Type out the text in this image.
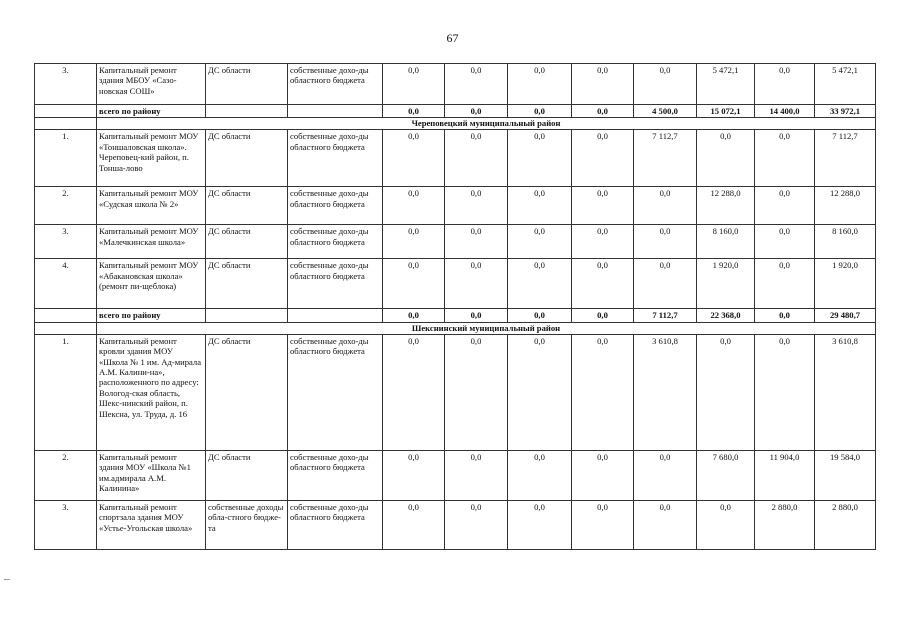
67
3.	Капитальный ремонт здания МБОУ «Сазо-новская СОШ»	ДС области	собственные дохо-ды областного бюджета	0,0	0,0	0,0	0,0	0,0	5 472,1	0,0	5 472,1
	всего по району			0,0	0,0	0,0	0,0	4 500,0	15 072,1	14 400,0	33 972,1
	Череповецкий муниципальный район										
1.	Капитальный ремонт МОУ «Тоншаловская школа». Череповец-кий район, п. Тонша-лово	ДС области	собственные дохо-ды областного бюджета	0,0	0,0	0,0	0,0	7 112,7	0,0	0,0	7 112,7
2.	Капитальный ремонт МОУ «Судская школа № 2»	ДС области	собственные дохо-ды областного бюджета	0,0	0,0	0,0	0,0	0,0	12 288,0	0,0	12 288,0
3.	Капитальный ремонт МОУ «Малечкинская школа»	ДС области	собственные дохо-ды областного бюджета	0,0	0,0	0,0	0,0	0,0	8 160,0	0,0	8 160,0
4.	Капитальный ремонт МОУ «Абакановская школа» (ремонт пи-щеблока)	ДС области	собственные дохо-ды областного бюджета	0,0	0,0	0,0	0,0	0,0	1 920,0	0,0	1 920,0
	всего по району			0,0	0,0	0,0	0,0	7 112,7	22 368,0	0,0	29 480,7
	Шекснинский муниципальный район										
1.	Капитальный ремонт кровли здания МОУ «Школа № 1 им. Ад-мирала А.М. Калини-на», расположенного по адресу: Вологод-ская область, Шекс-нинский район, п. Шексна, ул. Труда, д. 16	ДС области	собственные дохо-ды областного бюджета	0,0	0,0	0,0	0,0	3 610,8	0,0	0,0	3 610,8
2.	Капитальный ремонт здания МОУ «Школа №1 им.адмирала А.М. Калинина»	ДС области	собственные дохо-ды областного бюджета	0,0	0,0	0,0	0,0	0,0	7 680,0	11 904,0	19 584,0
3.	Капитальный ремонт спортзала здания МОУ «Устье-Угольская школа»	собственные доходы обла-стного бюдже-та	собственные дохо-ды областного бюджета	0,0	0,0	0,0	0,0	0,0	0,0	2 880,0	2 880,0
